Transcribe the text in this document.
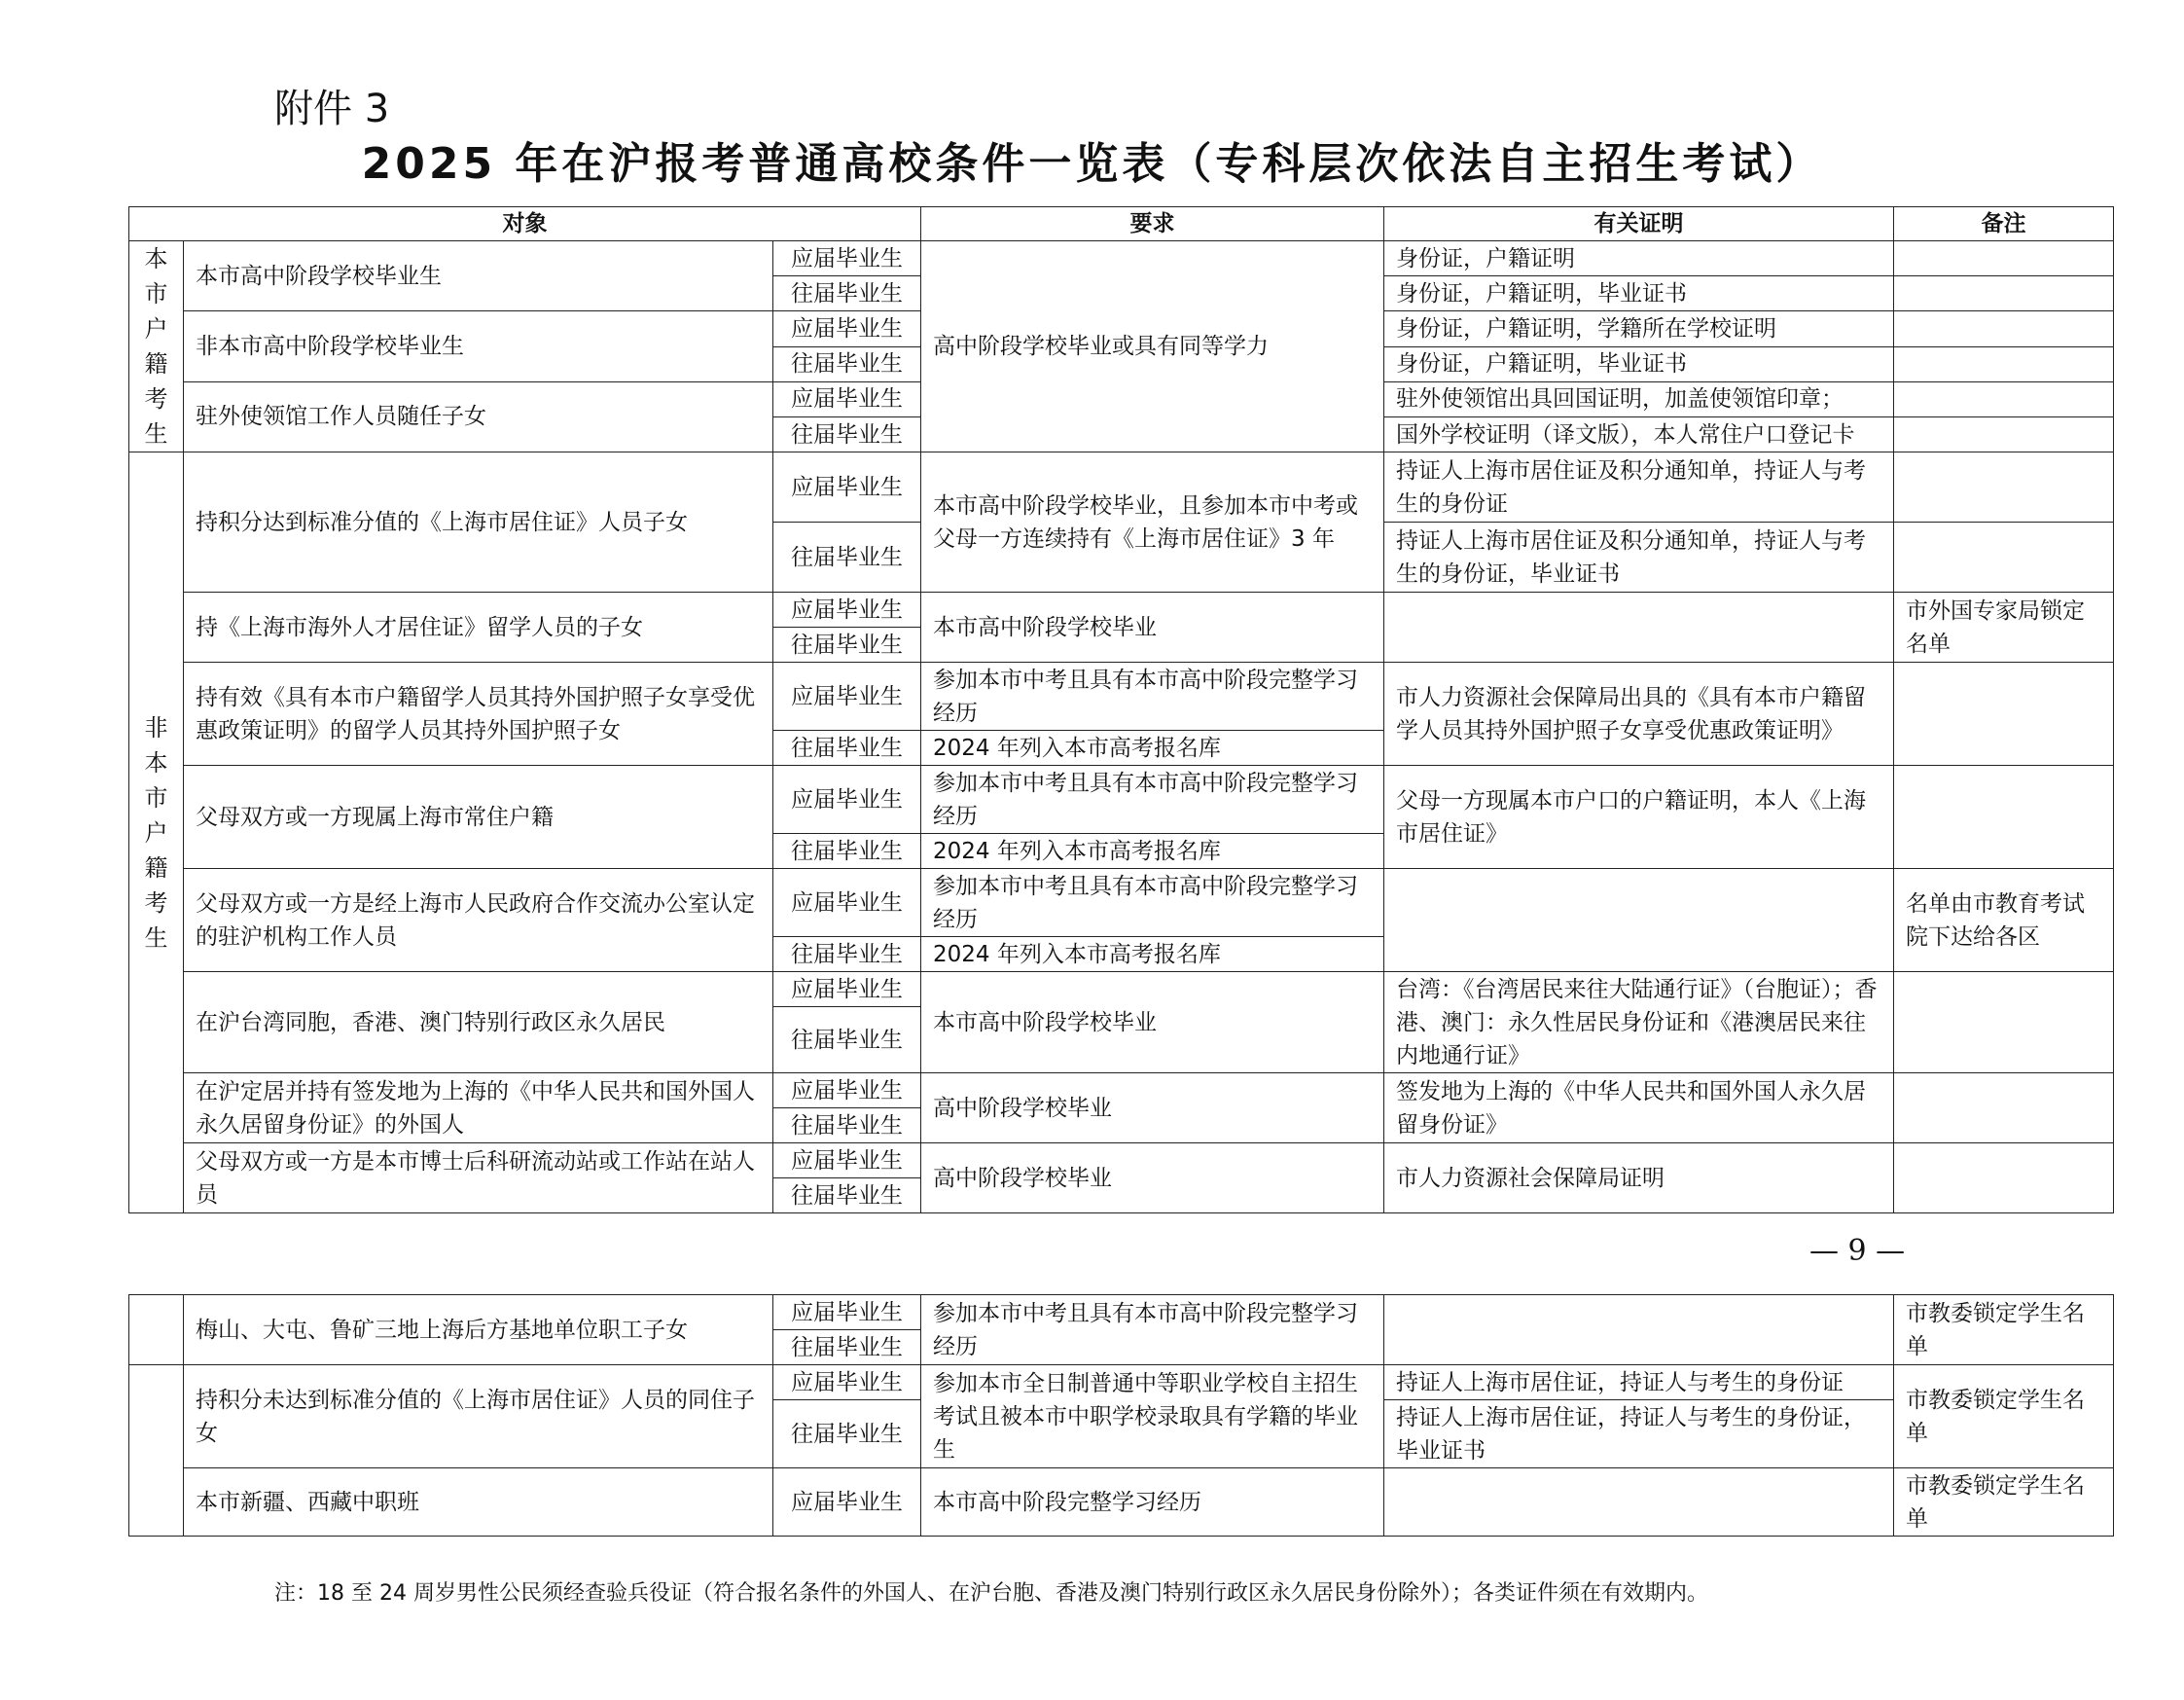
附件 3
2025 年在沪报考普通高校条件一览表（专科层次依法自主招生考试）
对象			要求	有关证明	备注

本市户籍考生	本市高中阶段学校毕业生	应届毕业生	高中阶段学校毕业或具有同等学力	身份证，户籍证明	
		往届毕业生		身份证，户籍证明，毕业证书	
	非本市高中阶段学校毕业生	应届毕业生		身份证，户籍证明，学籍所在学校证明	
		往届毕业生		身份证，户籍证明，毕业证书	
	驻外使领馆工作人员随任子女	应届毕业生		驻外使领馆出具回国证明，加盖使领馆印章；	
		往届毕业生		国外学校证明（译文版），本人常住户口登记卡	

非本市户籍考生	持积分达到标准分值的《上海市居住证》人员子女	应届毕业生	本市高中阶段学校毕业，且参加本市中考或父母一方连续持有《上海市居住证》3 年	持证人上海市居住证及积分通知单，持证人与考生的身份证	
		往届毕业生		持证人上海市居住证及积分通知单，持证人与考生的身份证，毕业证书	
	持《上海市海外人才居住证》留学人员的子女	应届毕业生	本市高中阶段学校毕业		市外国专家局锁定名单
		往届毕业生			
	持有效《具有本市户籍留学人员其持外国护照子女享受优惠政策证明》的留学人员其持外国护照子女	应届毕业生	参加本市中考且具有本市高中阶段完整学习经历	市人力资源社会保障局出具的《具有本市户籍留学人员其持外国护照子女享受优惠政策证明》	
		往届毕业生	2024 年列入本市高考报名库		
	父母双方或一方现属上海市常住户籍	应届毕业生	参加本市中考且具有本市高中阶段完整学习经历	父母一方现属本市户口的户籍证明，本人《上海市居住证》	
		往届毕业生	2024 年列入本市高考报名库		
	父母双方或一方是经上海市人民政府合作交流办公室认定的驻沪机构工作人员	应届毕业生	参加本市中考且具有本市高中阶段完整学习经历		名单由市教育考试院下达给各区
		往届毕业生	2024 年列入本市高考报名库		
	在沪台湾同胞，香港、澳门特别行政区永久居民	应届毕业生	本市高中阶段学校毕业	台湾：《台湾居民来往大陆通行证》（台胞证）；香港、澳门：永久性居民身份证和《港澳居民来往内地通行证》	
		往届毕业生			
	在沪定居并持有签发地为上海的《中华人民共和国外国人永久居留身份证》的外国人	应届毕业生	高中阶段学校毕业	签发地为上海的《中华人民共和国外国人永久居留身份证》	
		往届毕业生			
	父母双方或一方是本市博士后科研流动站或工作站在站人员	应届毕业生	高中阶段学校毕业	市人力资源社会保障局证明	
		往届毕业生			
— 9 —
	梅山、大屯、鲁矿三地上海后方基地单位职工子女	应届毕业生	参加本市中考且具有本市高中阶段完整学习经历		市教委锁定学生名单
		往届毕业生			
	持积分未达到标准分值的《上海市居住证》人员的同住子女	应届毕业生	参加本市全日制普通中等职业学校自主招生考试且被本市中职学校录取具有学籍的毕业生	持证人上海市居住证，持证人与考生的身份证	市教委锁定学生名单
		往届毕业生		持证人上海市居住证，持证人与考生的身份证，毕业证书	
	本市新疆、西藏中职班	应届毕业生	本市高中阶段完整学习经历		市教委锁定学生名单
注：18 至 24 周岁男性公民须经查验兵役证（符合报名条件的外国人、在沪台胞、香港及澳门特别行政区永久居民身份除外）；各类证件须在有效期内。
